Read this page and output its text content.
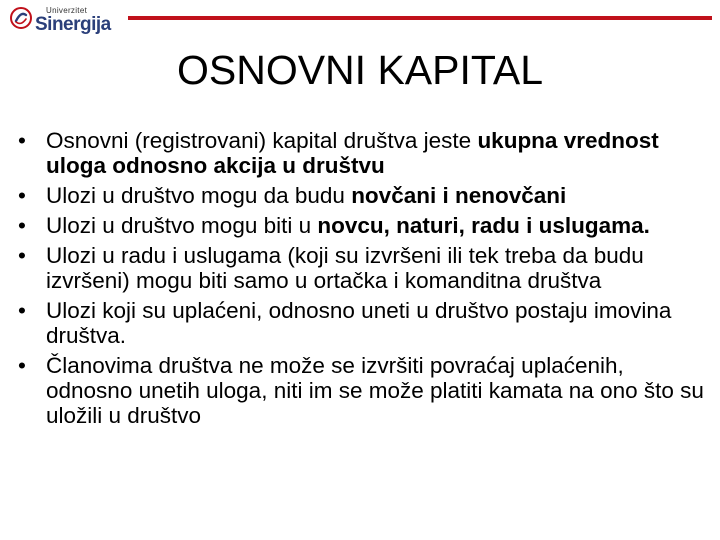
Univerzitet
Sinergija
OSNOVNI KAPITAL
• Osnovni (registrovani) kapital društva jeste ukupna vrednost uloga odnosno akcija u društvu
• Ulozi u društvo mogu da budu novčani i nenovčani
• Ulozi u društvo mogu biti u novcu, naturi, radu i uslugama.
• Ulozi u radu i uslugama (koji su izvršeni ili tek treba da budu izvršeni) mogu biti samo u ortačka i komanditna društva
• Ulozi koji su uplaćeni, odnosno uneti u društvo postaju imovina društva.
• Članovima društva ne može se izvršiti povraćaj uplaćenih, odnosno unetih uloga, niti im se može platiti kamata na ono što su uložili u društvo
